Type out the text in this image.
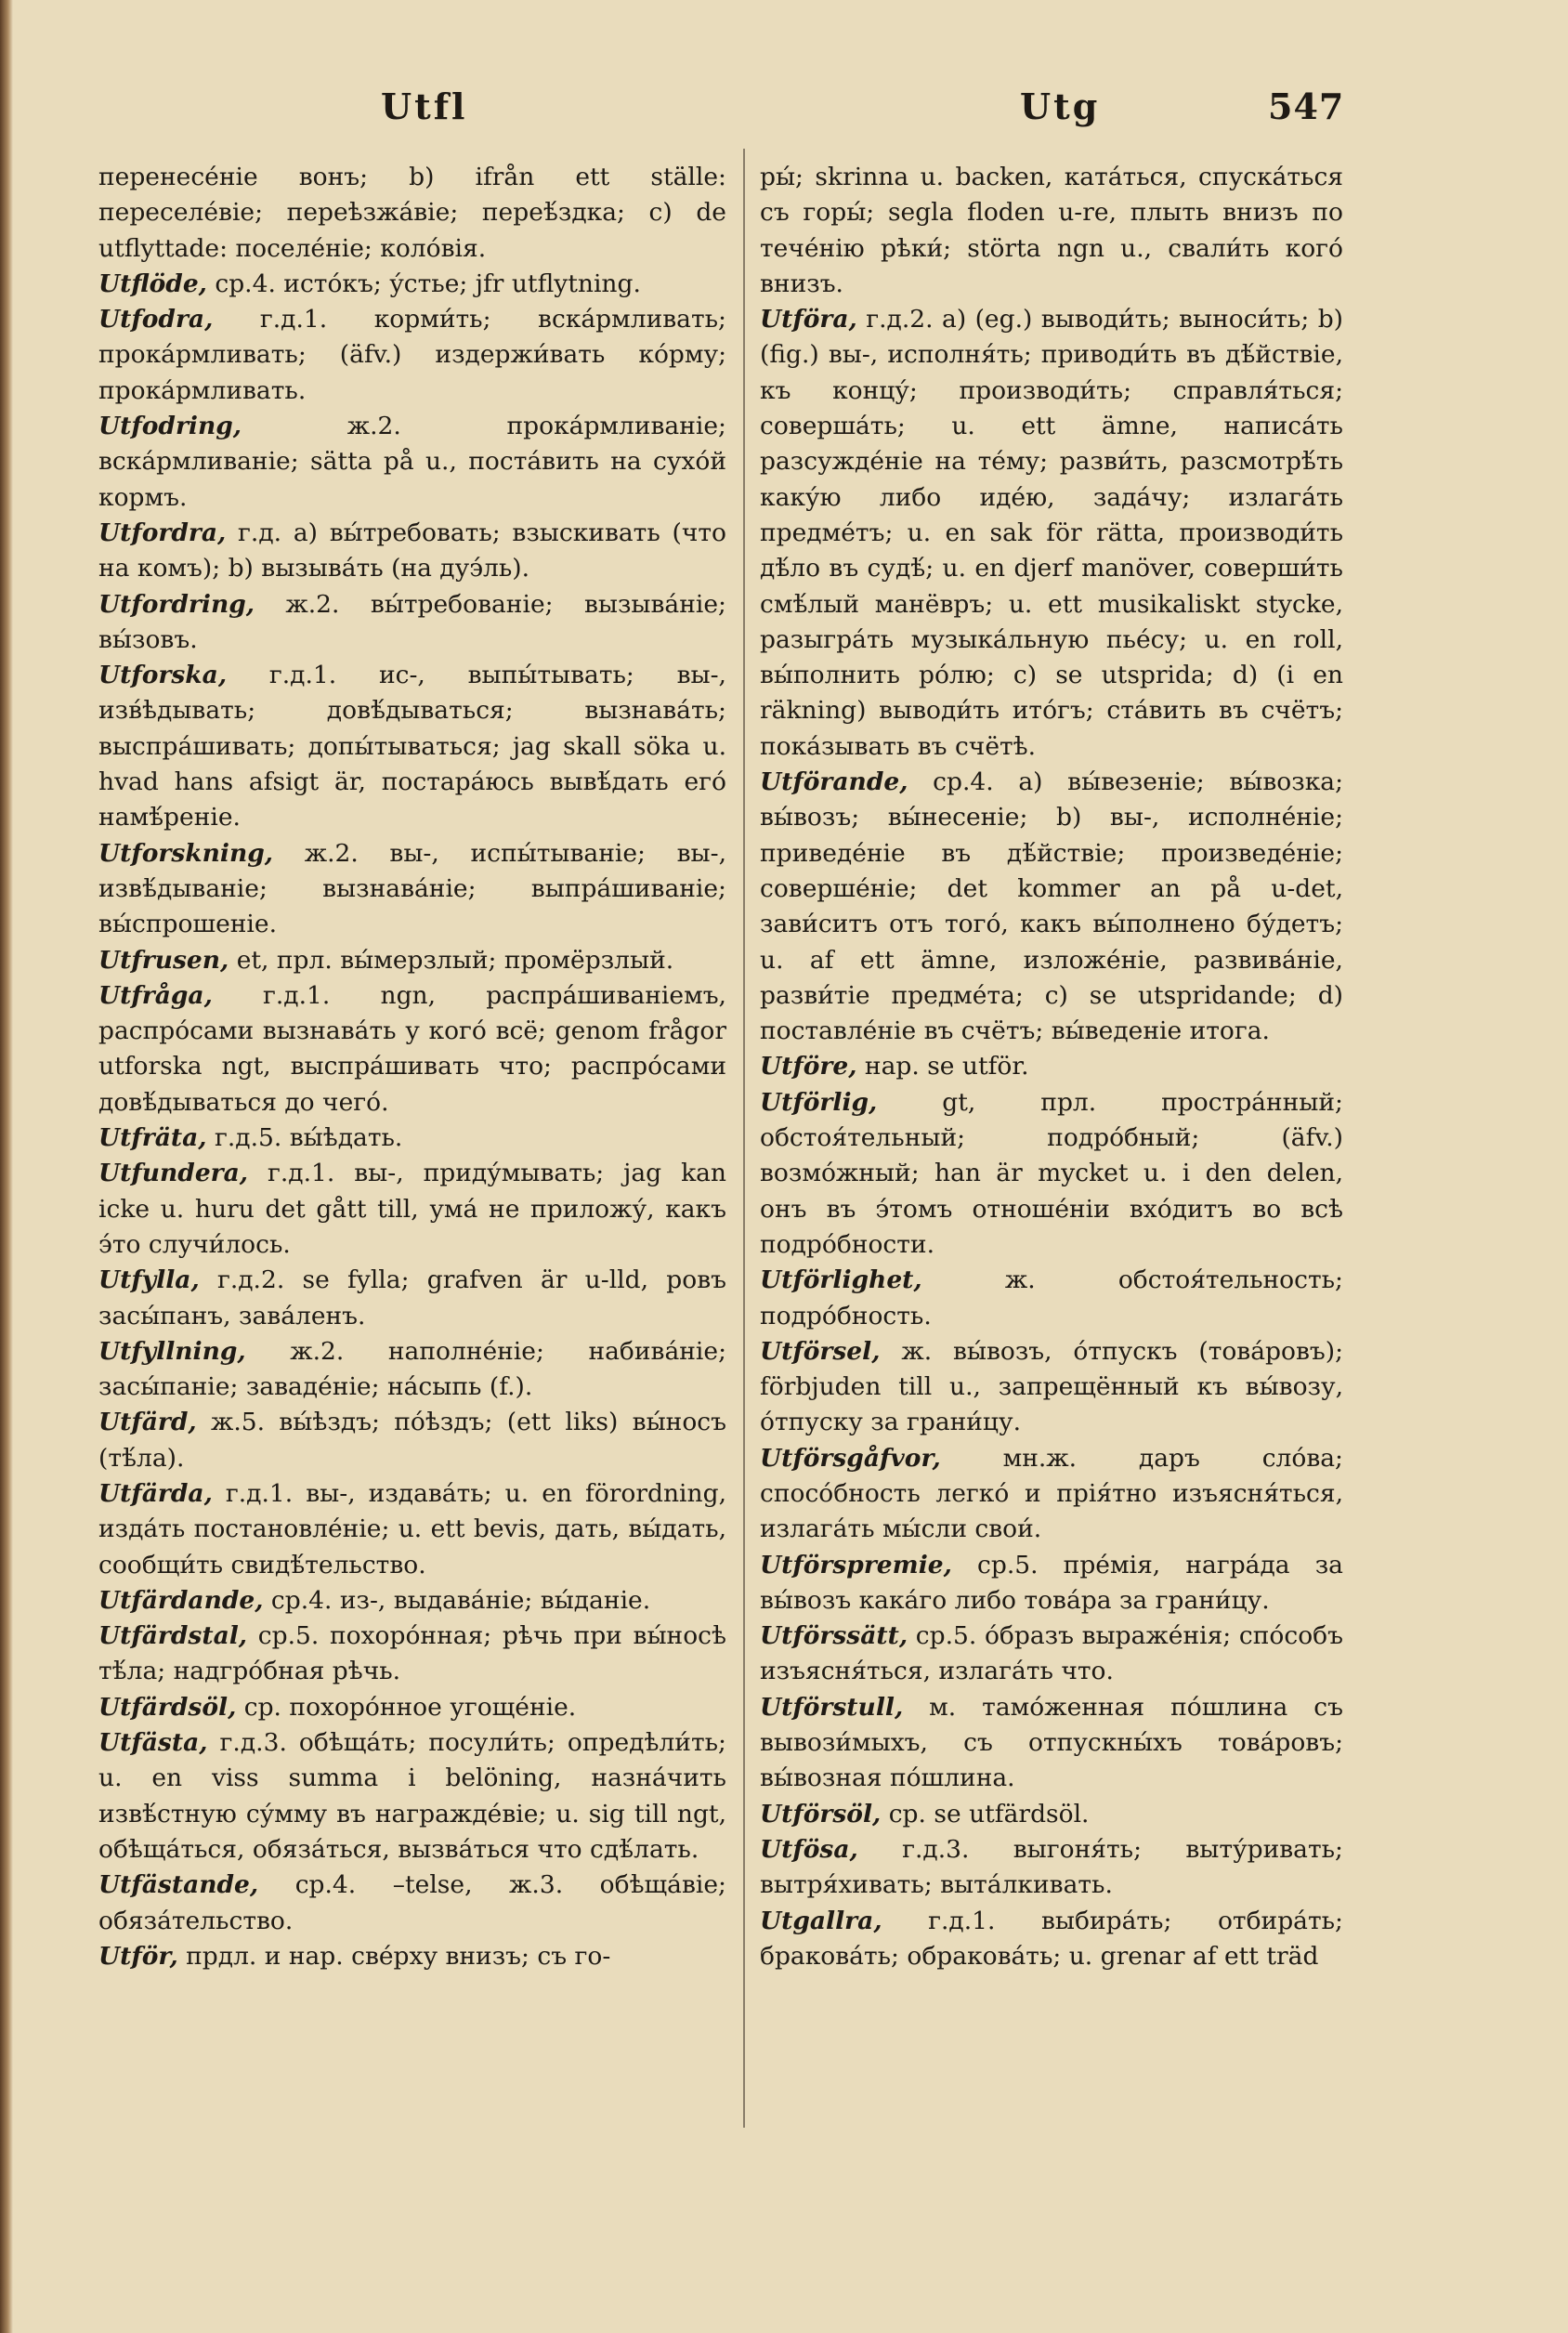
Utfl	Utg	547

перенесе́ніе вонъ; b) ifrån ett ställe: переселе́віе; переѣзжа́віе; переѣ́здка; c) de utflyttade: поселе́ніе; коло́вія.

Utflöde, ср.4. исто́къ; у́стье; jfr utflytning.

Utfodra, г.д.1. корми́ть; вска́рмливать; прока́рмливать; (äfv.) издержи́вать ко́рму; прока́рмливать.

Utfodring,	ж.2. прока́рмливаніе; вска́рмливаніе; sätta på u., поста́вить на сухо́й кормъ.

Utfordra, г.д. a) вы́требовать; взыскивать (что на комъ); b) вызыва́ть (на дуэ́ль).

Utfordring, ж.2. вы́требованіе; вызыва́ніе; вы́зовъ.

Utforska, г.д.1. ис-, выпы́тывать; вы-, изв́ѣдывать; довѣ́дываться; вызнава́ть; выспра́шивать; допы́тываться; jag skall söka u. hvad hans afsigt är, постара́юсь вывѣ́дать его́ намѣ́реніе.

Utforskning, ж.2. вы-, испы́тываніе; вы-, извѣ́дываніе; вызнава́ніе; выпра́шиваніе; вы́спрошеніе.

Utfrusen, et, прл. вы́мерзлый; промёрзлый.

Utfråga, г.д.1. ngn, распра́шиваніемъ, распро́сами вызнава́ть у кого́ всё; genom frågor utforska ngt, выспра́шивать что; распро́сами довѣ́дываться до чего́.

Utfräta, г.д.5. вы́ѣдать.

Utfundera, г.д.1. вы-, приду́мывать; jag kan icke u. huru det gått till, ума́ не приложу́, какъ э́то случи́лось.

Utfylla, г.д.2. se fylla; grafven är u-lld, ровъ засы́панъ, зава́ленъ.

Utfyllning, ж.2. наполне́ніе; набива́ніе; засы́паніе; заваде́ніе; на́сыпь (f.).

Utfärd, ж.5. вы́ѣздъ; по́ѣздъ; (ett liks) вы́носъ (тѣ́ла).

Utfärda, г.д.1. вы-, издава́ть; u. en förordning, изда́ть постановле́ніе; u. ett bevis, дать, вы́дать, сообщи́ть свидѣ́тельство.

Utfärdande, ср.4. из-, выдава́ніе; вы́даніе.

Utfärdstal, ср.5. похоро́нная; рѣчь при вы́носѣ тѣ́ла; надгро́бная рѣчь.

Utfärdsöl, ср. похоро́нное угоще́ніе.

Utfästa, г.д.3. обѣща́ть; посули́ть; опредѣли́ть; u. en viss summa i belöning, назна́чить извѣ́стную су́мму въ награжде́віе; u. sig till ngt, обѣща́ться, обяза́ться, вызва́ться что сдѣ́лать.

Utfästande, ср.4. –telse, ж.3. обѣща́віе; обяза́тельство.

Utför, прдл. и нар. све́рху внизъ; съ го-

ры́; skrinna u. backen, ката́ться, спуска́ться съ горы́; segla floden u-re, плыть внизъ по тече́нію рѣки́; störta ngn u., свали́ть кого́ внизъ.

Utföra, г.д.2. a) (eg.) выводи́ть; выноси́ть; b) (fig.) вы-, исполня́ть; приводи́ть въ дѣ́йствіе, къ концу́; производи́ть; справля́ться; соверша́ть; u. ett ämne, написа́ть разсужде́ніе на те́му; разви́ть, разсмотрѣ́ть каку́ю либо иде́ю, зада́чу; излага́ть предме́тъ; u. en sak för rätta, производи́ть дѣ́ло въ судѣ́; u. en djerf manöver, соверши́ть смѣ́лый манёвръ; u. ett musikaliskt stycke, разыгра́ть музыка́льную пье́су; u. en roll, вы́полнить ро́лю; c) se utsprida; d) (i en räkning) выводи́ть ито́гъ; ста́вить въ счётъ; пока́зывать въ счётѣ.

Utförande, ср.4. a) вы́везеніе; вы́возка; вы́возъ; вы́несеніе; b) вы-, исполне́ніе; приведе́ніе въ дѣ́йствіе; произведе́ніе; соверше́ніе; det kommer an på u-det, зави́ситъ отъ того́, какъ вы́полнено бу́детъ; u. af ett ämne, изложе́ніе, развива́ніе, разви́тіе предме́та; c) se utspridande; d) поставле́ніе въ счётъ; вы́веденіе итога.

Utföre, нар. se utför.

Utförlig,	gt, прл. простра́нный; обстоя́тельный; подро́бный; (äfv.) возмо́жный; han är mycket u. i den delen, онъ въ э́томъ отноше́ніи вхо́дитъ во всѣ подро́бности.

Utförlighet,	ж. обстоя́тельность; подро́бность.

Utförsel, ж. вы́возъ, о́тпускъ (това́ровъ); förbjuden till u., запрещённый къ вы́возу, о́тпуску за грани́цу.

Utförsgåfvor,	мн.ж. даръ сло́ва; спосо́бность легко́ и прія́тно изъясня́ться, излага́ть мы́сли свои́.

Utförspremie, ср.5. пре́мія, награ́да за вы́возъ кака́го либо това́ра за грани́цу.

Utförssätt, ср.5. о́бразъ выраже́нія; спо́собъ изъясня́ться, излага́ть что.

Utförstull, м. тамо́женная по́шлина съ вывози́мыхъ, съ отпускны́хъ това́ровъ; вы́возная по́шлина.

Utförsöl, ср. se utfärdsöl.

Utfösa, г.д.3. выгоня́ть; выту́ривать; вытря́хивать; выта́лкивать.

Utgallra, г.д.1. выбира́ть; отбира́ть; бракова́ть; обракова́ть; u. grenar af ett träd
